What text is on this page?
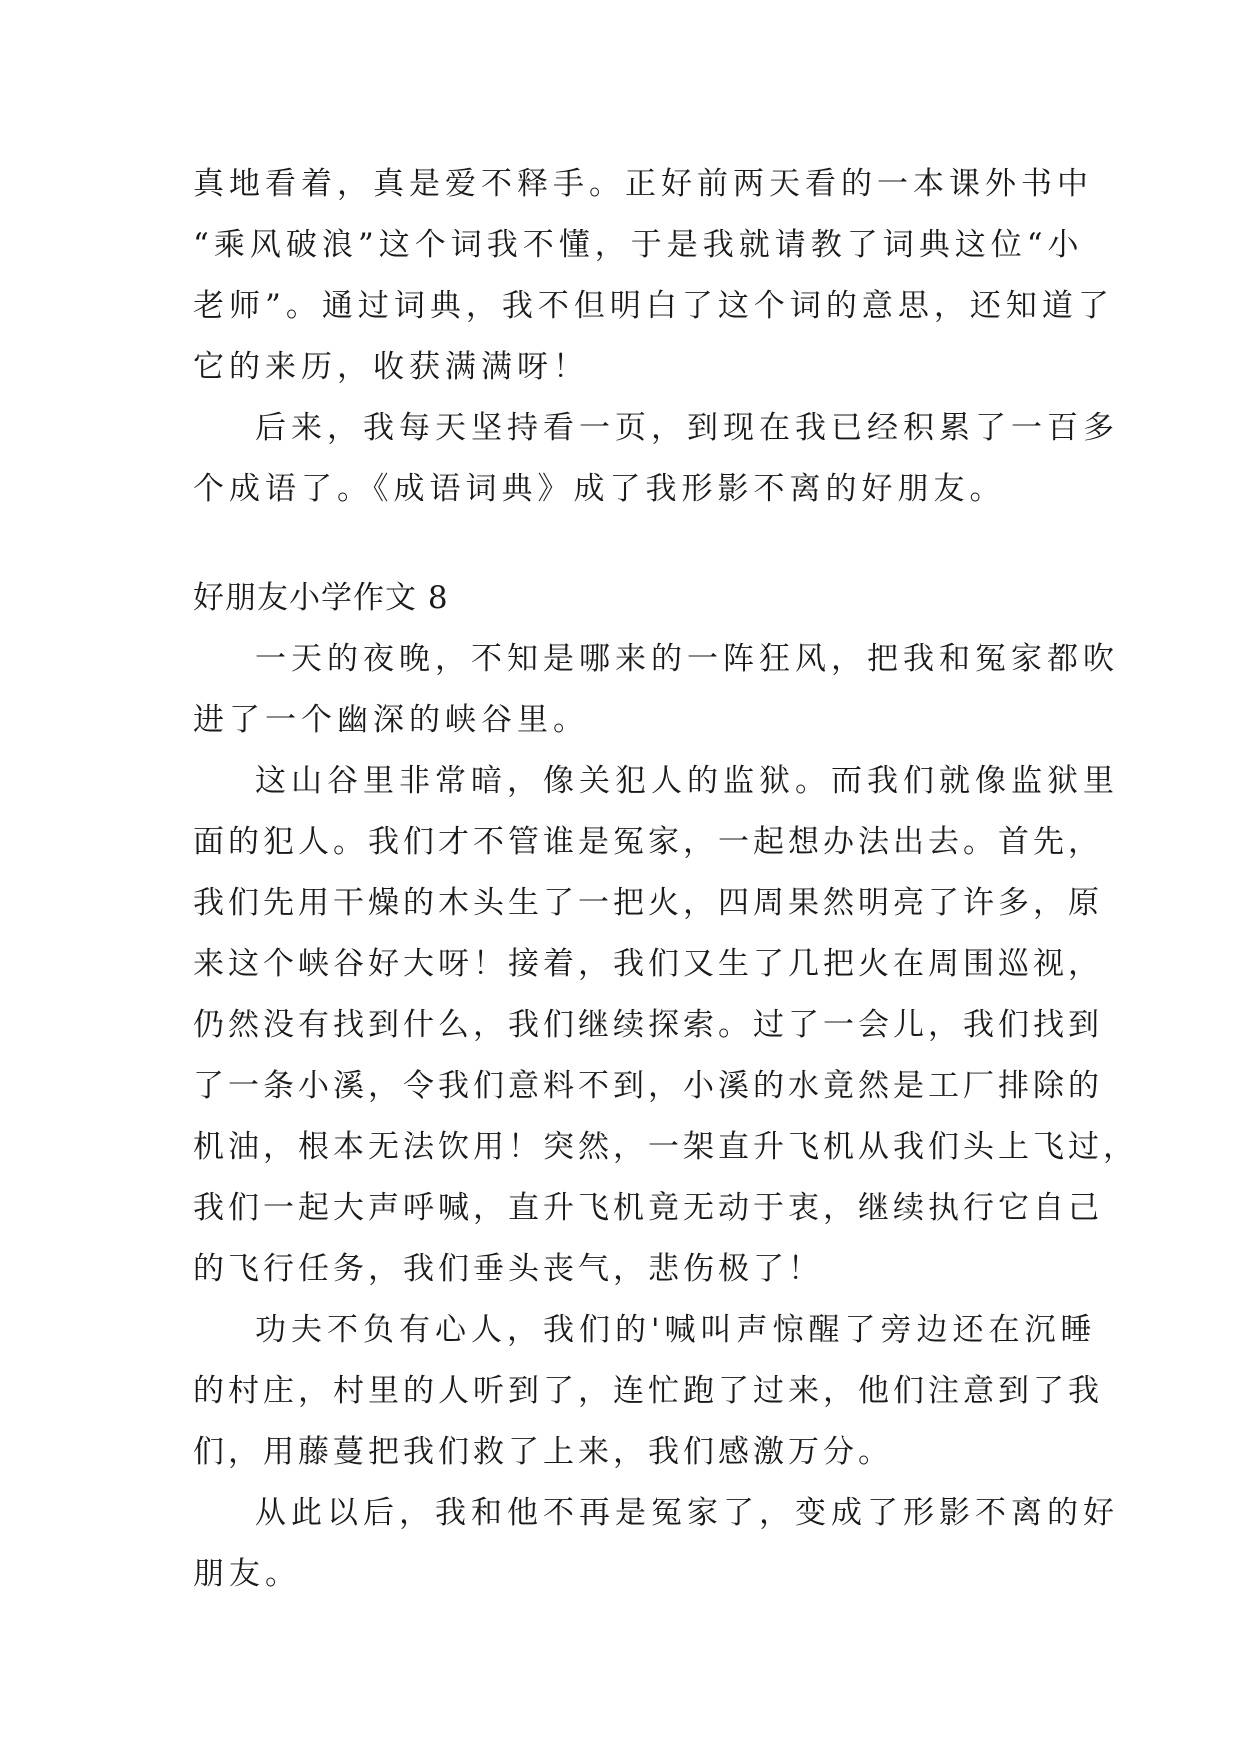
真地看着，真是爱不释手。正好前两天看的一本课外书中
“乘风破浪”这个词我不懂，于是我就请教了词典这位“小
老师”。通过词典，我不但明白了这个词的意思，还知道了
它的来历，收获满满呀！
后来，我每天坚持看一页，到现在我已经积累了一百多
个成语了。《成语词典》成了我形影不离的好朋友。
好朋友小学作文 8
一天的夜晚，不知是哪来的一阵狂风，把我和冤家都吹
进了一个幽深的峡谷里。
这山谷里非常暗，像关犯人的监狱。而我们就像监狱里
面的犯人。我们才不管谁是冤家，一起想办法出去。首先，
我们先用干燥的木头生了一把火，四周果然明亮了许多，原
来这个峡谷好大呀！接着，我们又生了几把火在周围巡视，
仍然没有找到什么，我们继续探索。过了一会儿，我们找到
了一条小溪，令我们意料不到，小溪的水竟然是工厂排除的
机油，根本无法饮用！突然，一架直升飞机从我们头上飞过，
我们一起大声呼喊，直升飞机竟无动于衷，继续执行它自己
的飞行任务，我们垂头丧气，悲伤极了！
功夫不负有心人，我们的'喊叫声惊醒了旁边还在沉睡
的村庄，村里的人听到了，连忙跑了过来，他们注意到了我
们，用藤蔓把我们救了上来，我们感激万分。
从此以后，我和他不再是冤家了，变成了形影不离的好
朋友。
